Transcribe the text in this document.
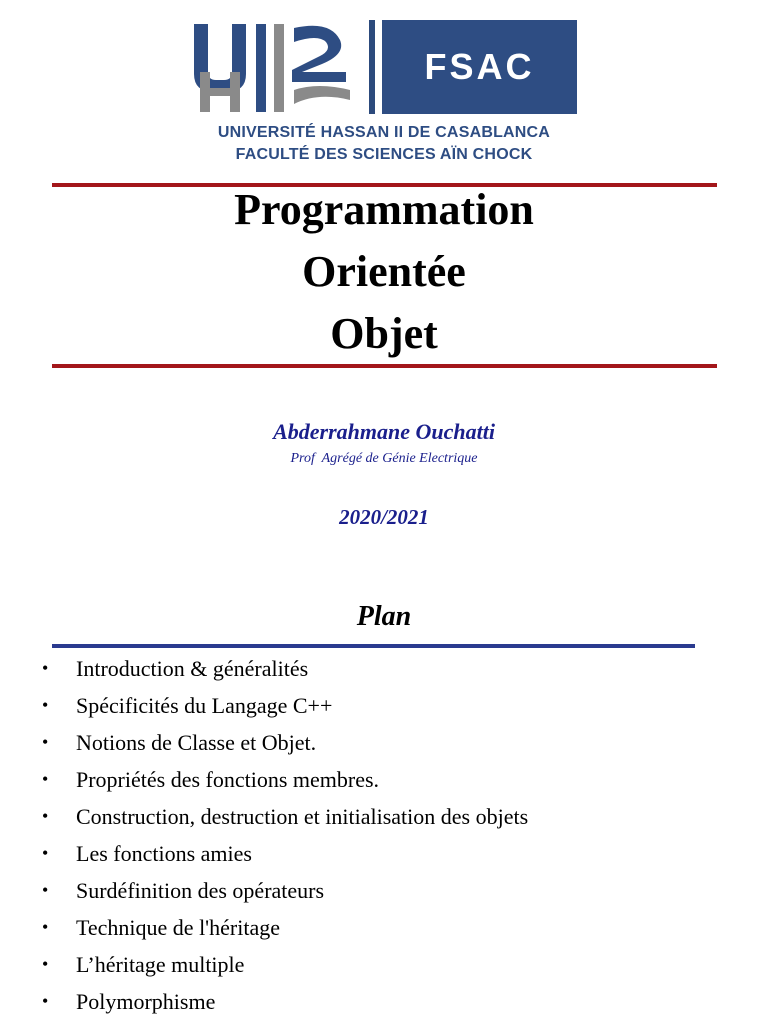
FSAC
UNIVERSITÉ HASSAN II DE CASABLANCA
FACULTÉ DES SCIENCES AÏN CHOCK
Programmation
Orientée
Objet
Abderrahmane Ouchatti
Prof  Agrégé de Génie Electrique
2020/2021
Plan
•	Introduction & généralités
•	Spécificités du Langage C++
•	Notions de Classe et Objet.
•	Propriétés des fonctions membres.
•	Construction, destruction et initialisation des objets
•	Les fonctions amies
•	Surdéfinition des opérateurs
•	Technique de l'héritage
•	L’héritage multiple
•	Polymorphisme
